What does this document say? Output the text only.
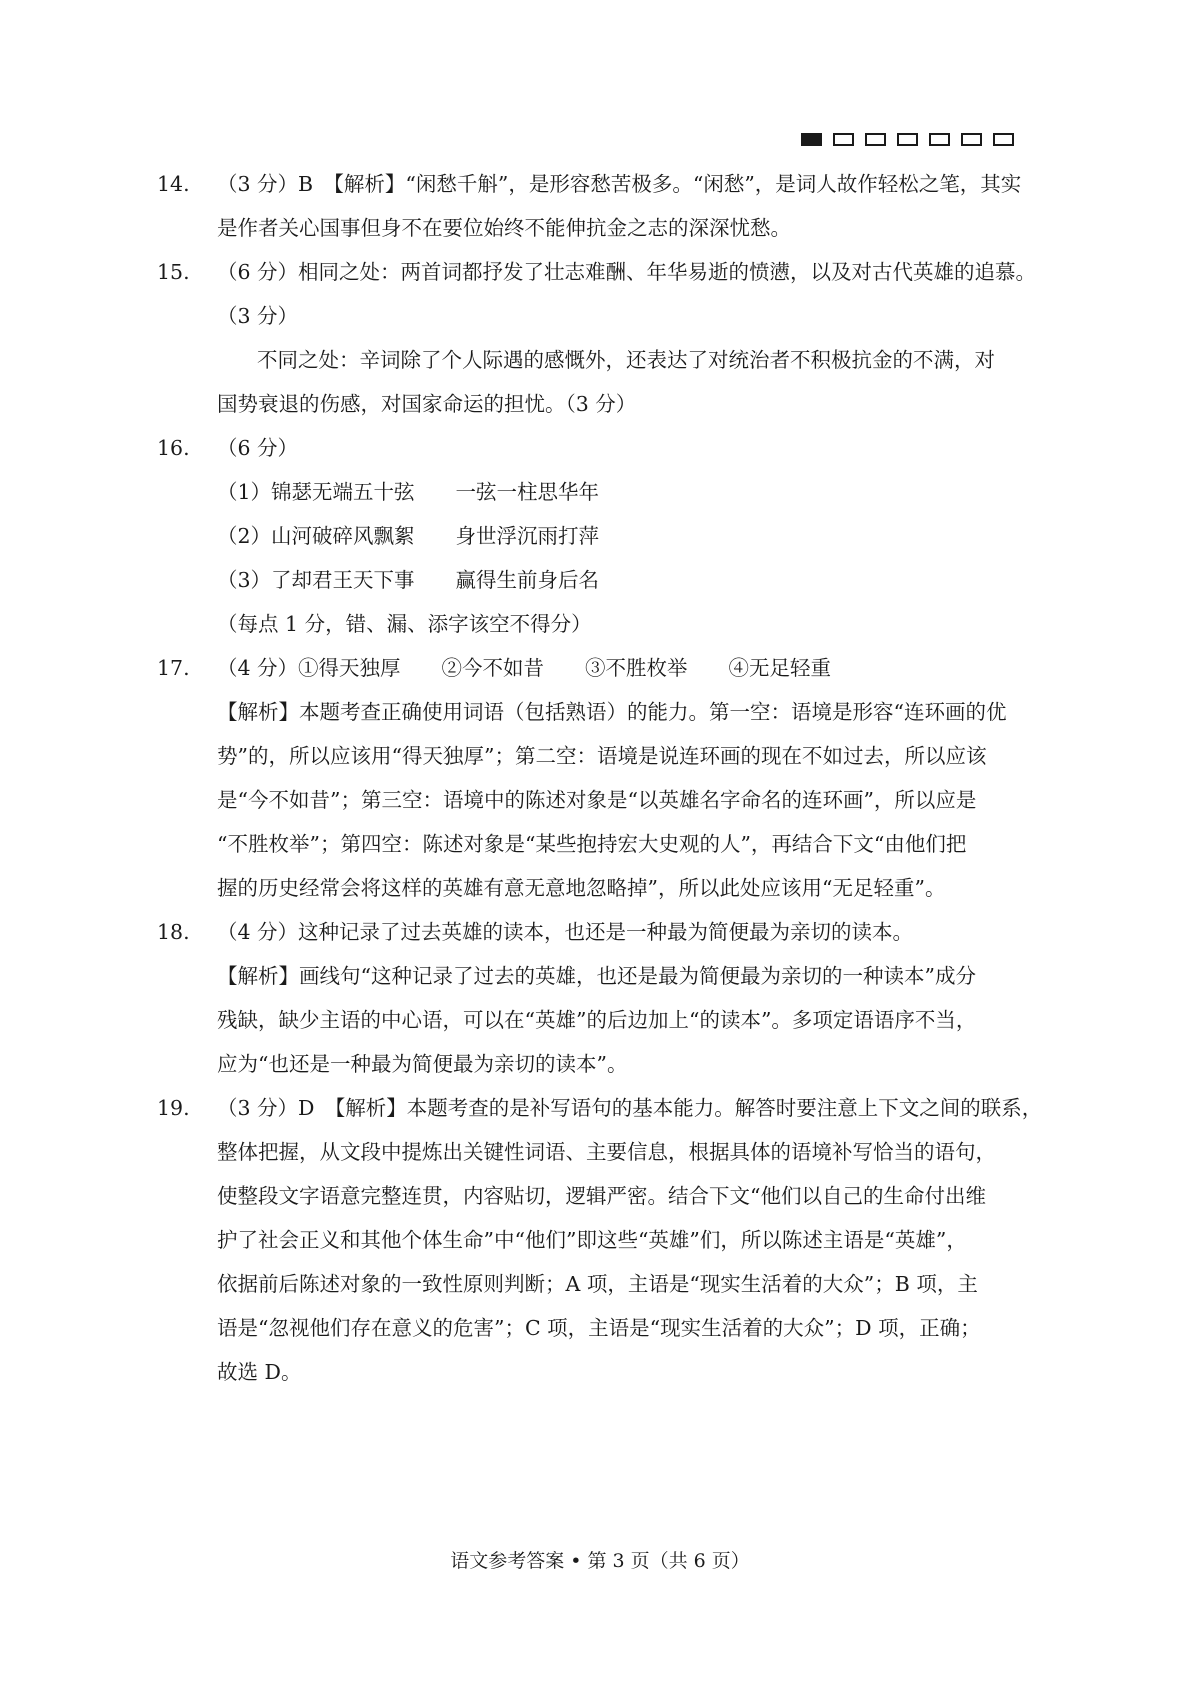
14. （3 分）B　【解析】“闲愁千斛”，是形容愁苦极多。“闲愁”，是词人故作轻松之笔，其实
是作者关心国事但身不在要位始终不能伸抗金之志的深深忧愁。
15. （6 分）相同之处：两首词都抒发了壮志难酬、年华易逝的愤懑，以及对古代英雄的追慕。
（3 分）
不同之处：辛词除了个人际遇的感慨外，还表达了对统治者不积极抗金的不满，对
国势衰退的伤感，对国家命运的担忧。（3 分）
16. （6 分）
（1）锦瑟无端五十弦　　一弦一柱思华年
（2）山河破碎风飘絮　　身世浮沉雨打萍
（3）了却君王天下事　　赢得生前身后名
（每点 1 分，错、漏、添字该空不得分）
17. （4 分）①得天独厚　　②今不如昔　　③不胜枚举　　④无足轻重
【解析】本题考查正确使用词语（包括熟语）的能力。第一空：语境是形容“连环画的优
势”的，所以应该用“得天独厚”；第二空：语境是说连环画的现在不如过去，所以应该
是“今不如昔”；第三空：语境中的陈述对象是“以英雄名字命名的连环画”，所以应是
“不胜枚举”；第四空：陈述对象是“某些抱持宏大史观的人”，再结合下文“由他们把
握的历史经常会将这样的英雄有意无意地忽略掉”，所以此处应该用“无足轻重”。
18. （4 分）这种记录了过去英雄的读本，也还是一种最为简便最为亲切的读本。
【解析】画线句“这种记录了过去的英雄，也还是最为简便最为亲切的一种读本”成分
残缺，缺少主语的中心语，可以在“英雄”的后边加上“的读本”。多项定语语序不当，
应为“也还是一种最为简便最为亲切的读本”。
19. （3 分）D　【解析】本题考查的是补写语句的基本能力。解答时要注意上下文之间的联系，
整体把握，从文段中提炼出关键性词语、主要信息，根据具体的语境补写恰当的语句，
使整段文字语意完整连贯，内容贴切，逻辑严密。结合下文“他们以自己的生命付出维
护了社会正义和其他个体生命”中“他们”即这些“英雄”们，所以陈述主语是“英雄”，
依据前后陈述对象的一致性原则判断；A 项，主语是“现实生活着的大众”；B 项，主
语是“忽视他们存在意义的危害”；C 项，主语是“现实生活着的大众”；D 项，正确；
故选 D。
语文参考答案 • 第 3 页（共 6 页）
